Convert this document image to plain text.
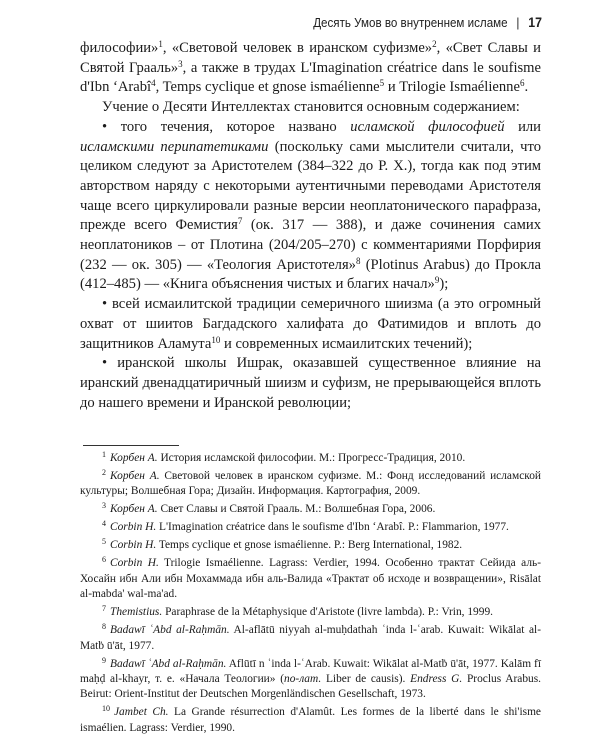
Десять Умов во внутреннем исламе | 17

философии»$^1$, «Световой человек в иранском суфизме»$^2$, «Свет Славы и Святой Грааль»$^3$, а также в трудах L'Imagination créatrice dans le soufisme d'Ibn ‘Arabî$^4$, Temps cyclique et gnose ismaélienne$^5$ и Trilogie Ismaélienne$^6$.

Учение о Десяти Интеллектах становится основным содержанием:

• того течения, которое названо исламской философией или исламскими перипатетиками (поскольку сами мыслители считали, что целиком следуют за Аристотелем (384–322 до Р. Х.), тогда как под этим авторством наряду с некоторыми аутентичными переводами Аристотеля чаще всего циркулировали разные версии неоплатонического парафраза, прежде всего Фемистия$^7$ (ок. 317 — 388), и даже сочинения самих неоплатоников – от Плотина (204/205–270) с комментариями Порфирия (232 — ок. 305) — «Теология Аристотеля»$^8$ (Plotinus Arabus) до Прокла (412–485) — «Книга объяснения чистых и благих начал»$^9$);

• всей исмаилитской традиции семеричного шиизма (а это огромный охват от шиитов Багдадского халифата до Фатимидов и вплоть до защитников Аламута$^{10}$ и современных исмаилитских течений);

• иранской школы Ишрак, оказавшей существенное влияние на иранский двенадцатиричный шиизм и суфизм, не прерывающейся вплоть до нашего времени и Иранской революции;

$^1$ Корбен А. История исламской философии. М.: Прогресс-Традиция, 2010.

$^2$ Корбен А. Световой человек в иранском суфизме. М.: Фонд исследований исламской культуры; Волшебная Гора; Дизайн. Информация. Картография, 2009.

$^3$ Корбен А. Свет Славы и Святой Грааль. М.: Волшебная Гора, 2006.

$^4$ Corbin H. L'Imagination créatrice dans le soufisme d'Ibn ‘Arabî. P.: Flammarion, 1977.

$^5$ Corbin H. Temps cyclique et gnose ismaélienne. P.: Berg International, 1982.

$^6$ Corbin H. Trilogie Ismaélienne. Lagrass: Verdier, 1994. Особенно трактат Сейида аль-Хосайн ибн Али ибн Мохаммада ибн аль-Валида «Трактат об исходе и возвращении», Risālat al-mabda' wal-ma'ad.

$^7$ Themistius. Paraphrase de la Métaphysique d'Aristote (livre lambda). P.: Vrin, 1999.

$^8$ Badawī ʿAbd al-Raḥmān. Al-aflātū niyyah al-muḥdathah ʿinda l-ʿarab. Kuwait: Wikālat al-Matḃ ū'āt, 1977.

$^9$ Badawī ʿAbd al-Raḥmān. Aflūtī n ʿinda l-ʿArab. Kuwait: Wikālat al-Matḃ ū'āt, 1977. Kalām fī maḥḍ al-khayr, т. е. «Начала Теологии» (по-лат. Liber de causis). Endress G. Proclus Arabus. Beirut: Orient-Institut der Deutschen Morgenländischen Gesellschaft, 1973.

$^{10}$ Jambet Ch. La Grande résurrection d'Alamût. Les formes de la liberté dans le shi'isme ismaélien. Lagrass: Verdier, 1990.
